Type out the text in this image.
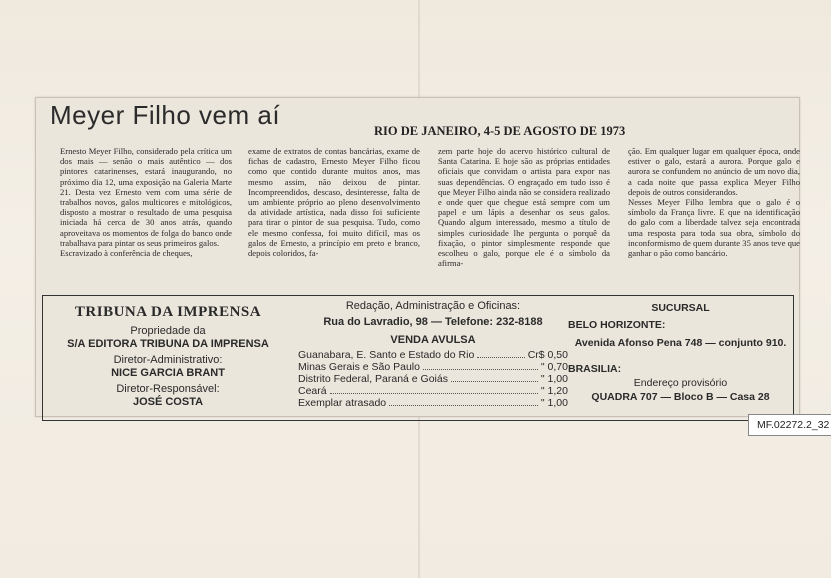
Meyer Filho vem aí
RIO DE JANEIRO, 4-5 DE AGOSTO DE 1973
Ernesto Meyer Filho, considerado pela crítica um dos mais — senão o mais autêntico — dos pintores catarinenses, estará inaugurando, no próximo dia 12, uma exposição na Galeria Marte 21. Desta vez Ernesto vem com uma série de trabalhos novos, galos multicores e mitológicos, disposto a mostrar o resultado de uma pesquisa iniciada há cerca de 30 anos atrás, quando aproveitava os momentos de folga do banco onde trabalhava para pintar os seus primeiros galos.
Escravizado à conferência de cheques,
exame de extratos de contas bancárias, exame de fichas de cadastro, Ernesto Meyer Filho ficou como que contido durante muitos anos, mas mesmo assim, não deixou de pintar. Incompreendidos, descaso, desinteresse, falta de um ambiente próprio ao pleno desenvolvimento da atividade artística, nada disso foi suficiente para tirar o pintor de sua pesquisa. Tudo, como ele mesmo confessa, foi muito difícil, mas os galos de Ernesto, a princípio em preto e branco, depois coloridos, fa-
zem parte hoje do acervo histórico cultural de Santa Catarina. E hoje são as próprias entidades oficiais que convidam o artista para expor nas suas dependências. O engraçado em tudo isso é que Meyer Filho ainda não se considera realizado e onde quer que chegue está sempre com um papel e um lápis a desenhar os seus galos. Quando algum interessado, mesmo a título de simples curiosidade lhe pergunta o porquê da fixação, o pintor simplesmente responde que escolheu o galo, porque ele é o símbolo da afirma-
ção. Em qualquer lugar em qualquer época, onde estiver o galo, estará a aurora. Porque galo e aurora se confundem no anúncio de um novo dia, a cada noite que passa explica Meyer Filho depois de outros considerandos.
Nesses Meyer Filho lembra que o galo é o símbolo da França livre. E que na identificação do galo com a liberdade talvez seja encontrada uma resposta para toda sua obra, símbolo do inconformismo de quem durante 35 anos teve que ganhar o pão como bancário.
TRIBUNA DA IMPRENSA
Propriedade da
S/A EDITORA TRIBUNA DA IMPRENSA
Diretor-Administrativo:
NICE GARCIA BRANT
Diretor-Responsável:
JOSÉ COSTA
Redação, Administração e Oficinas:
Rua do Lavradio, 98 — Telefone: 232-8188
VENDA AVULSA
Guanabara, E. Santo e Estado do Rio	Cr$ 0,50
Minas Gerais e São Paulo	" 0,70
Distrito Federal, Paraná e Goiás	" 1,00
Ceará	" 1,20
Exemplar atrasado	" 1,00
SUCURSAL
BELO HORIZONTE:
Avenida Afonso Pena 748 — conjunto 910.
BRASILIA:
Endereço provisório
QUADRA 707 — Bloco B — Casa 28
MF.02272.2_32
